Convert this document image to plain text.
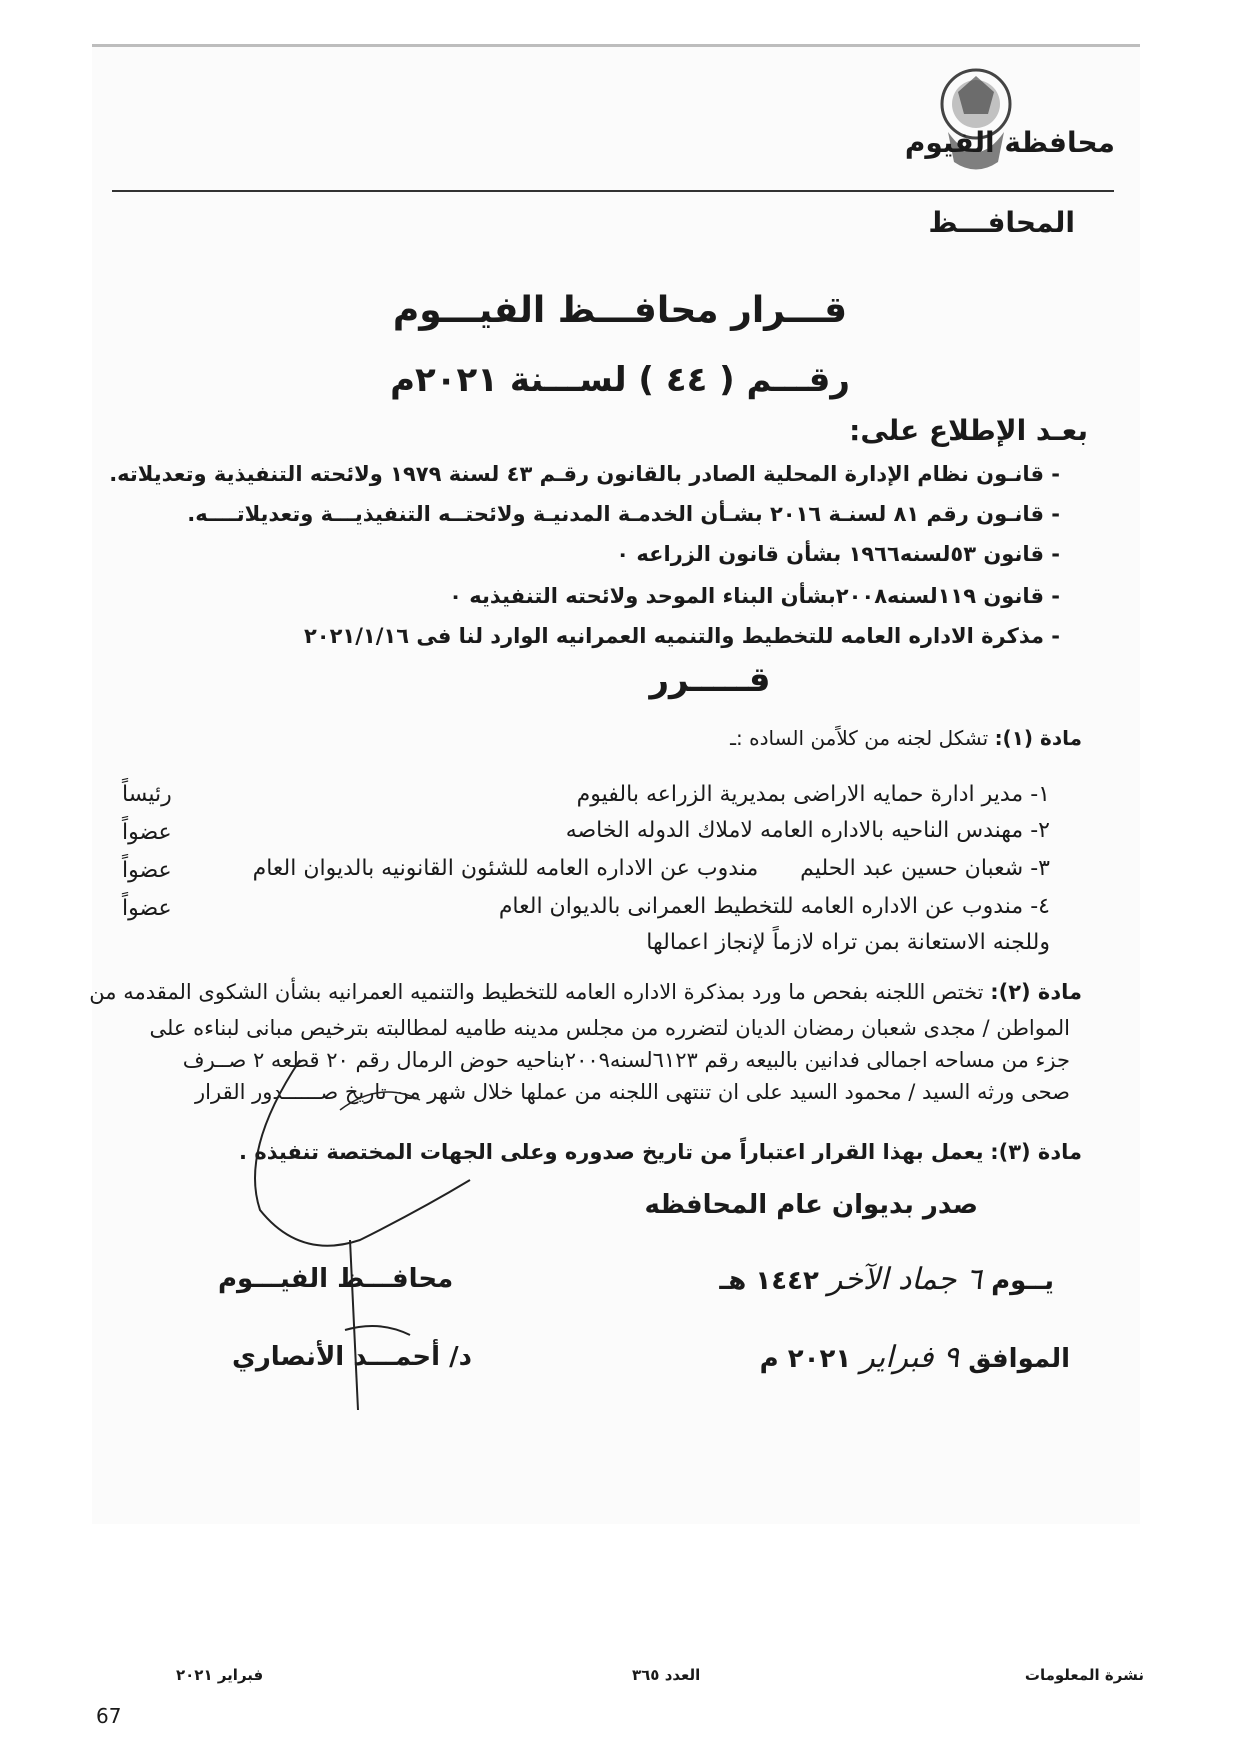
محافظة الفيوم
المحافـــظ
قـــرار محافـــظ الفيـــوم
رقـــم ( ٤٤ ) لســـنة ٢٠٢١م
بعـد الإطلاع على:
- قانـون نظام الإدارة المحلية الصادر بالقانون رقـم ٤٣ لسنة ١٩٧٩ ولائحته التنفيذية وتعديلاته.
- قانـون رقم ٨١ لسنـة ٢٠١٦ بشـأن الخدمـة المدنيـة ولائحتــه التنفيذيـــة وتعديلاتــــه.
- قانون ٥٣لسنه١٩٦٦ بشأن قانون الزراعه ٠
- قانون ١١٩لسنه٢٠٠٨بشأن البناء الموحد ولائحته التنفيذيه ٠
- مذكرة الاداره العامه للتخطيط والتنميه العمرانيه الوارد لنا فى ٢٠٢١/١/١٦
قـــــرر
مادة (١): تشكل لجنه من كلاًمن الساده :ـ
١- مدير ادارة حمايه الاراضى بمديرية الزراعه بالفيوم
رئيساً
٢- مهندس الناحيه بالاداره العامه لاملاك الدوله الخاصه
عضواً
٣- شعبان حسين عبد الحليم      مندوب عن الاداره العامه للشئون القانونيه بالديوان العام
عضواً
٤- مندوب عن الاداره العامه للتخطيط العمرانى بالديوان العام
عضواً
وللجنه الاستعانة بمن تراه لازماً لإنجاز اعمالها
مادة (٢): تختص اللجنه بفحص ما ورد بمذكرة الاداره العامه للتخطيط والتنميه العمرانيه بشأن الشكوى المقدمه من
المواطن / مجدى شعبان رمضان الديان لتضرره من مجلس مدينه طاميه لمطالبته بترخيص مبانى لبناءه على
جزء من مساحه اجمالى فدانين بالبيعه رقم ٦١٢٣لسنه٢٠٠٩بناحيه حوض الرمال رقم ٢٠ قطعه ٢ صــرف
صحى ورثه السيد / محمود السيد على ان تنتهى اللجنه من عملها خلال شهر من تاريخ صــــــدور القرار
مادة (٣): يعمل بهذا القرار اعتباراً من تاريخ صدوره وعلى الجهات المختصة تنفيذه .
صدر بديوان عام المحافظه
يــوم ٦ جماد الآخر ١٤٤٢ هـ
الموافق ٩ فبراير ٢٠٢١ م
محافـــظ الفيـــوم
د/ أحمـــد الأنصاري
نشرة المعلومات
العدد ٣٦٥
فبراير ٢٠٢١
67
